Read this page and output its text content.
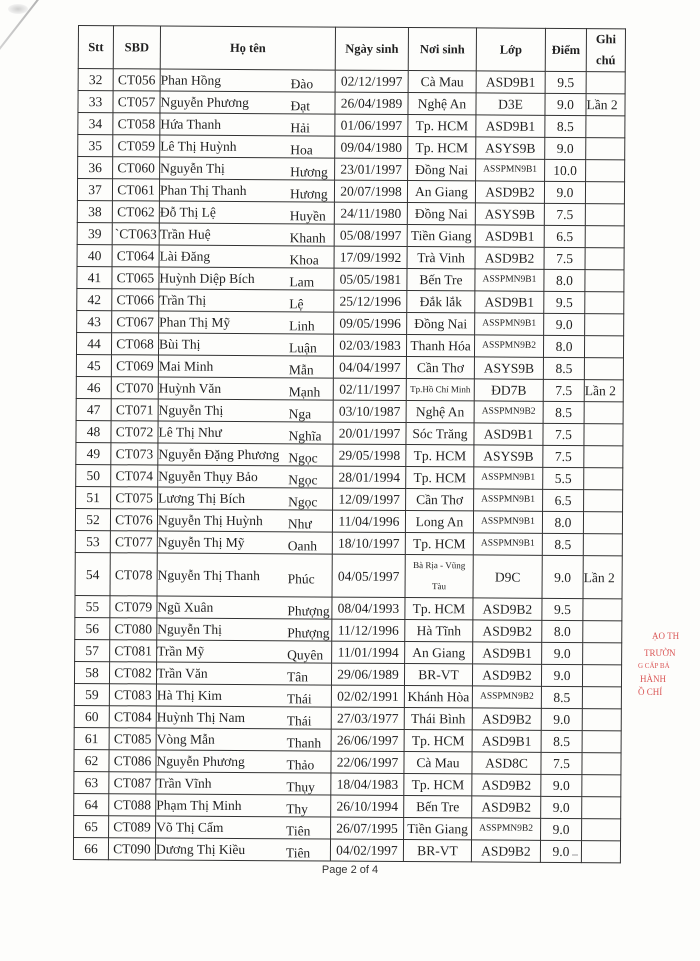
Stt	SBD	Họ tên	Ngày sinh	Nơi sinh	Lớp	Điểm	Ghi chú
32	CT056	Phan Hồng Đào	02/12/1997	Cà Mau	ASD9B1	9.5	
33	CT057	Nguyễn Phương Đạt	26/04/1989	Nghệ An	D3E	9.0	Lần 2
34	CT058	Hứa Thanh Hải	01/06/1997	Tp. HCM	ASD9B1	8.5	
35	CT059	Lê Thị Huỳnh Hoa	09/04/1980	Tp. HCM	ASYS9B	9.0	
36	CT060	Nguyễn Thị Hương	23/01/1997	Đồng Nai	ASSPMN9B1	10.0	
37	CT061	Phan Thị Thanh Hương	20/07/1998	An Giang	ASD9B2	9.0	
38	CT062	Đỗ Thị Lệ Huyền	24/11/1980	Đồng Nai	ASYS9B	7.5	
39	`CT063	Trần Huệ Khanh	05/08/1997	Tiền Giang	ASD9B1	6.5	
40	CT064	Lài Đăng Khoa	17/09/1992	Trà Vinh	ASD9B2	7.5	
41	CT065	Huỳnh Diệp Bích Lam	05/05/1981	Bến Tre	ASSPMN9B1	8.0	
42	CT066	Trần Thị Lệ	25/12/1996	Đắk lắk	ASD9B1	9.5	
43	CT067	Phan Thị Mỹ Linh	09/05/1996	Đồng Nai	ASSPMN9B1	9.0	
44	CT068	Bùi Thị Luận	02/03/1983	Thanh Hóa	ASSPMN9B2	8.0	
45	CT069	Mai Minh Mẫn	04/04/1997	Cần Thơ	ASYS9B	8.5	
46	CT070	Huỳnh Văn Mạnh	02/11/1997	Tp.Hồ Chí Minh	ĐD7B	7.5	Lần 2
47	CT071	Nguyễn Thị Nga	03/10/1987	Nghệ An	ASSPMN9B2	8.5	
48	CT072	Lê Thị Như Nghĩa	20/01/1997	Sóc Trăng	ASD9B1	7.5	
49	CT073	Nguyễn Đặng Phương Ngọc	29/05/1998	Tp. HCM	ASYS9B	7.5	
50	CT074	Nguyễn Thụy Bảo Ngọc	28/01/1994	Tp. HCM	ASSPMN9B1	5.5	
51	CT075	Lương Thị Bích Ngọc	12/09/1997	Cần Thơ	ASSPMN9B1	6.5	
52	CT076	Nguyễn Thị Huỳnh Như	11/04/1996	Long An	ASSPMN9B1	8.0	
53	CT077	Nguyễn Thị Mỹ Oanh	18/10/1997	Tp. HCM	ASSPMN9B1	8.5	
54	CT078	Nguyễn Thị Thanh Phúc	04/05/1997	Bà Rịa - Vũng Tàu	D9C	9.0	Lần 2
55	CT079	Ngũ Xuân Phượng	08/04/1993	Tp. HCM	ASD9B2	9.5	
56	CT080	Nguyễn Thị Phượng	11/12/1996	Hà Tĩnh	ASD9B2	8.0	
57	CT081	Trần Mỹ Quyên	11/01/1994	An Giang	ASD9B1	9.0	
58	CT082	Trần Văn Tân	29/06/1989	BR-VT	ASD9B2	9.0	
59	CT083	Hà Thị Kim Thái	02/02/1991	Khánh Hòa	ASSPMN9B2	8.5	
60	CT084	Huỳnh Thị Nam Thái	27/03/1977	Thái Bình	ASD9B2	9.0	
61	CT085	Vòng Mẫn Thanh	26/06/1997	Tp. HCM	ASD9B1	8.5	
62	CT086	Nguyễn Phương Thảo	22/06/1997	Cà Mau	ASD8C	7.5	
63	CT087	Trần Vĩnh Thụy	18/04/1983	Tp. HCM	ASD9B2	9.0	
64	CT088	Phạm Thị Minh Thy	26/10/1994	Bến Tre	ASD9B2	9.0	
65	CT089	Võ Thị Cẩm Tiên	26/07/1995	Tiền Giang	ASSPMN9B2	9.0	
66	CT090	Dương Thị Kiều Tiên	04/02/1997	BR-VT	ASD9B2	9.0	
ẠO TH
TRƯỜN
G CẤP BẢ
HÀNH
Ồ CHÍ
Page 2 of 4
